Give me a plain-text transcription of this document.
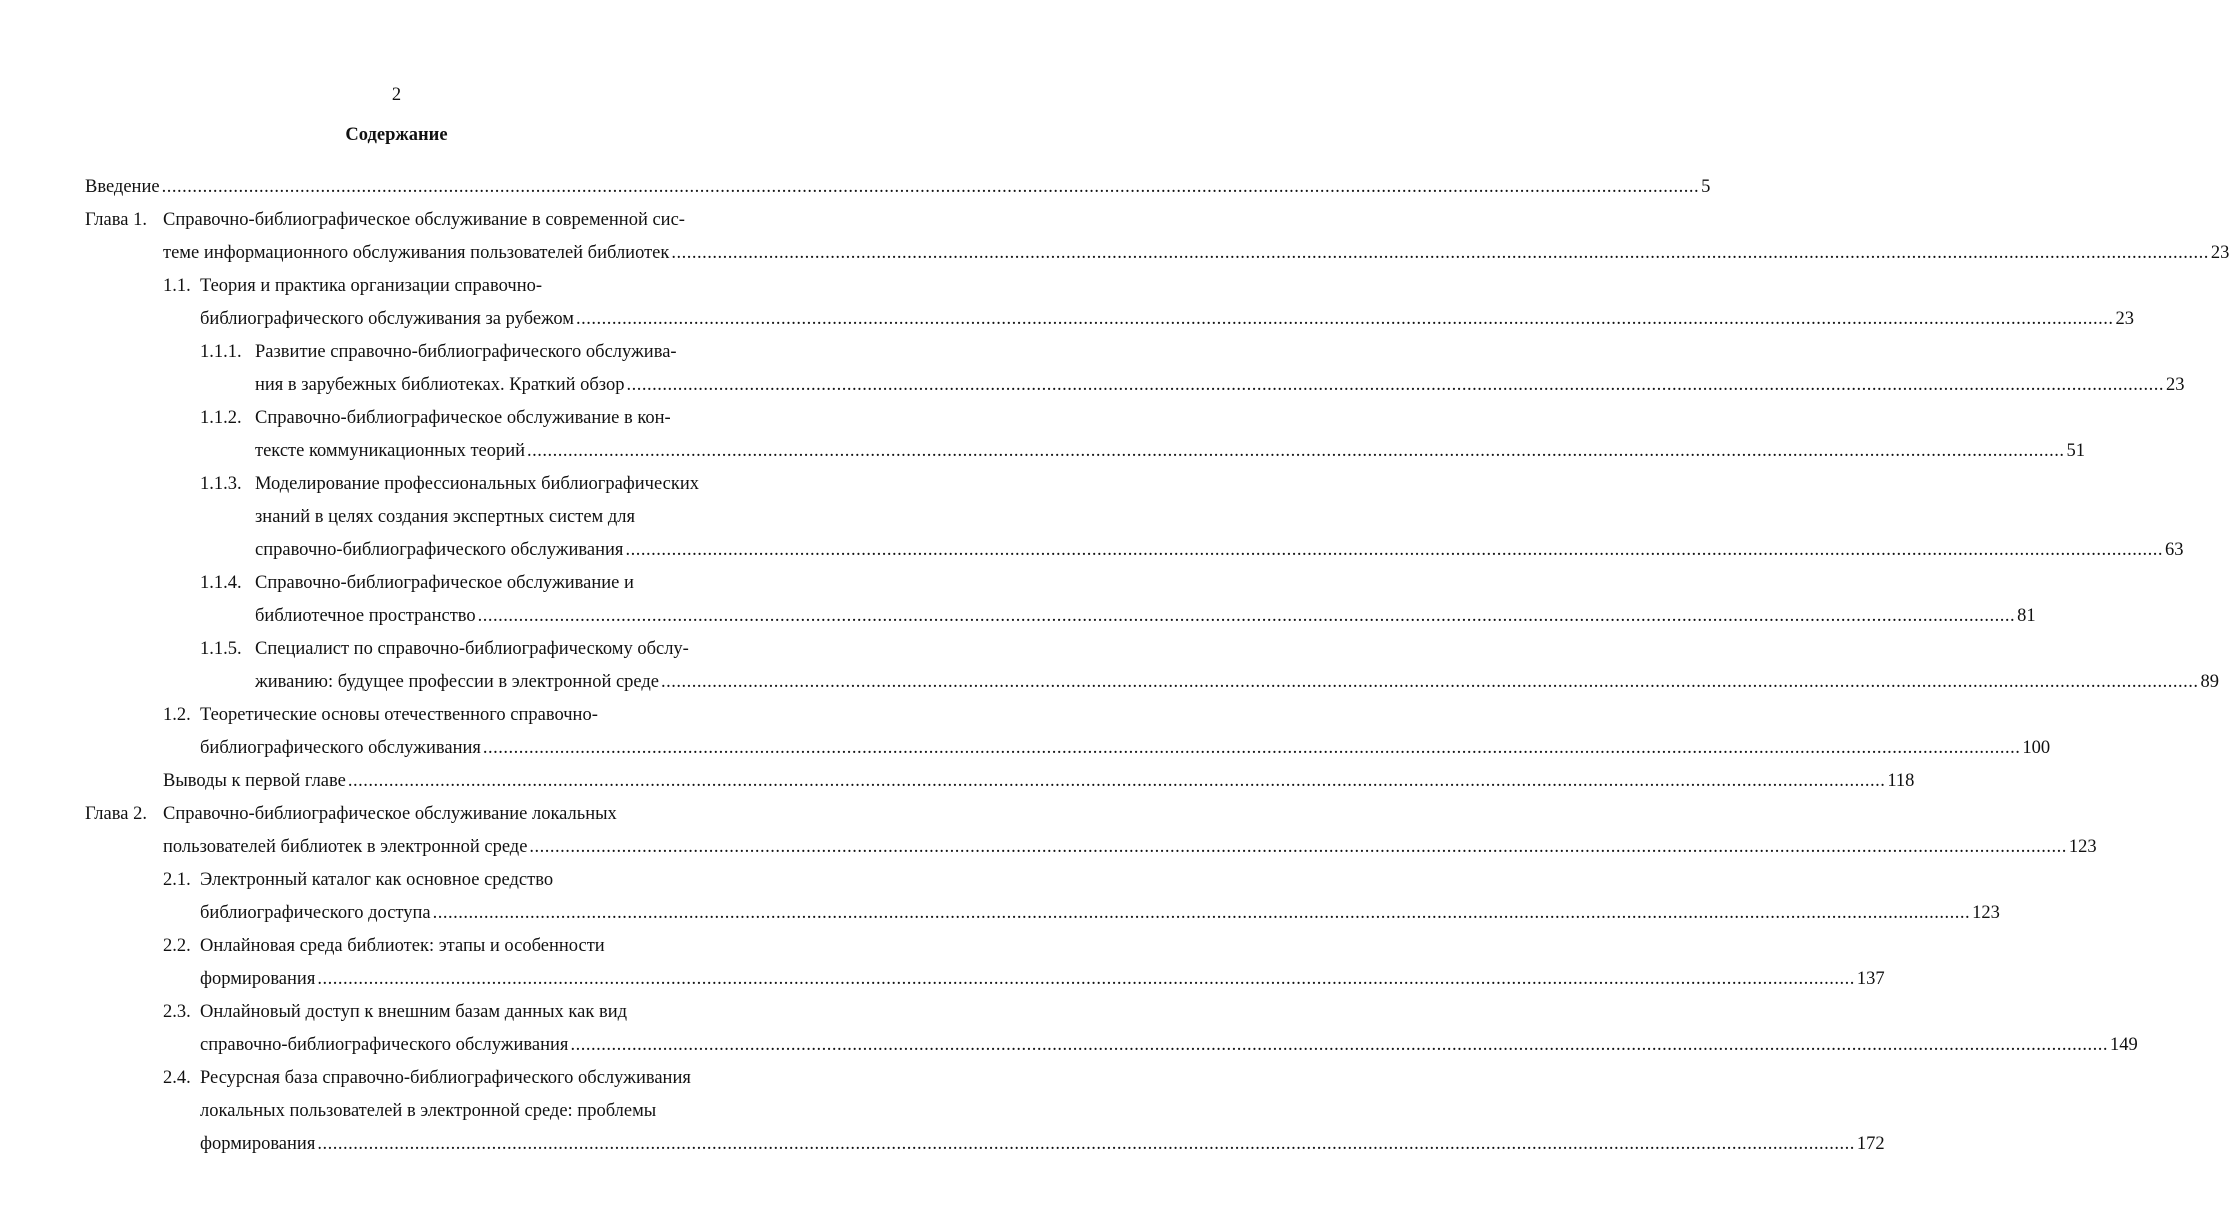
2
Содержание
Введение ............................................................................................................................................................................................................................................................................................................ 5
Глава 1. Справочно-библиографическое обслуживание в современной сис-
теме информационного обслуживания пользователей библиотек ............................................................................................................................................................................................................................................................................................................ 23
1.1. Теория и практика организации справочно-
библиографического обслуживания за рубежом ............................................................................................................................................................................................................................................................................................................ 23
1.1.1. Развитие справочно-библиографического обслужива-
ния в зарубежных библиотеках. Краткий обзор ............................................................................................................................................................................................................................................................................................................ 23
1.1.2. Справочно-библиографическое обслуживание в кон-
тексте коммуникационных теорий ............................................................................................................................................................................................................................................................................................................ 51
1.1.3. Моделирование профессиональных библиографических
знаний в целях создания экспертных систем для
справочно-библиографического обслуживания ............................................................................................................................................................................................................................................................................................................ 63
1.1.4. Справочно-библиографическое обслуживание и
библиотечное пространство ............................................................................................................................................................................................................................................................................................................ 81
1.1.5. Специалист по справочно-библиографическому обслу-
живанию: будущее профессии в электронной среде ............................................................................................................................................................................................................................................................................................................ 89
1.2. Теоретические основы отечественного справочно-
библиографического обслуживания ............................................................................................................................................................................................................................................................................................................ 100
Выводы к первой главе ............................................................................................................................................................................................................................................................................................................ 118
Глава 2. Справочно-библиографическое обслуживание локальных
пользователей библиотек в электронной среде ............................................................................................................................................................................................................................................................................................................ 123
2.1. Электронный каталог как основное средство
библиографического доступа ............................................................................................................................................................................................................................................................................................................ 123
2.2. Онлайновая среда библиотек: этапы и особенности
формирования ............................................................................................................................................................................................................................................................................................................ 137
2.3. Онлайновый доступ к внешним базам данных как вид
справочно-библиографического обслуживания ............................................................................................................................................................................................................................................................................................................ 149
2.4. Ресурсная база справочно-библиографического обслуживания
локальных пользователей в электронной среде: проблемы
формирования ............................................................................................................................................................................................................................................................................................................ 172
